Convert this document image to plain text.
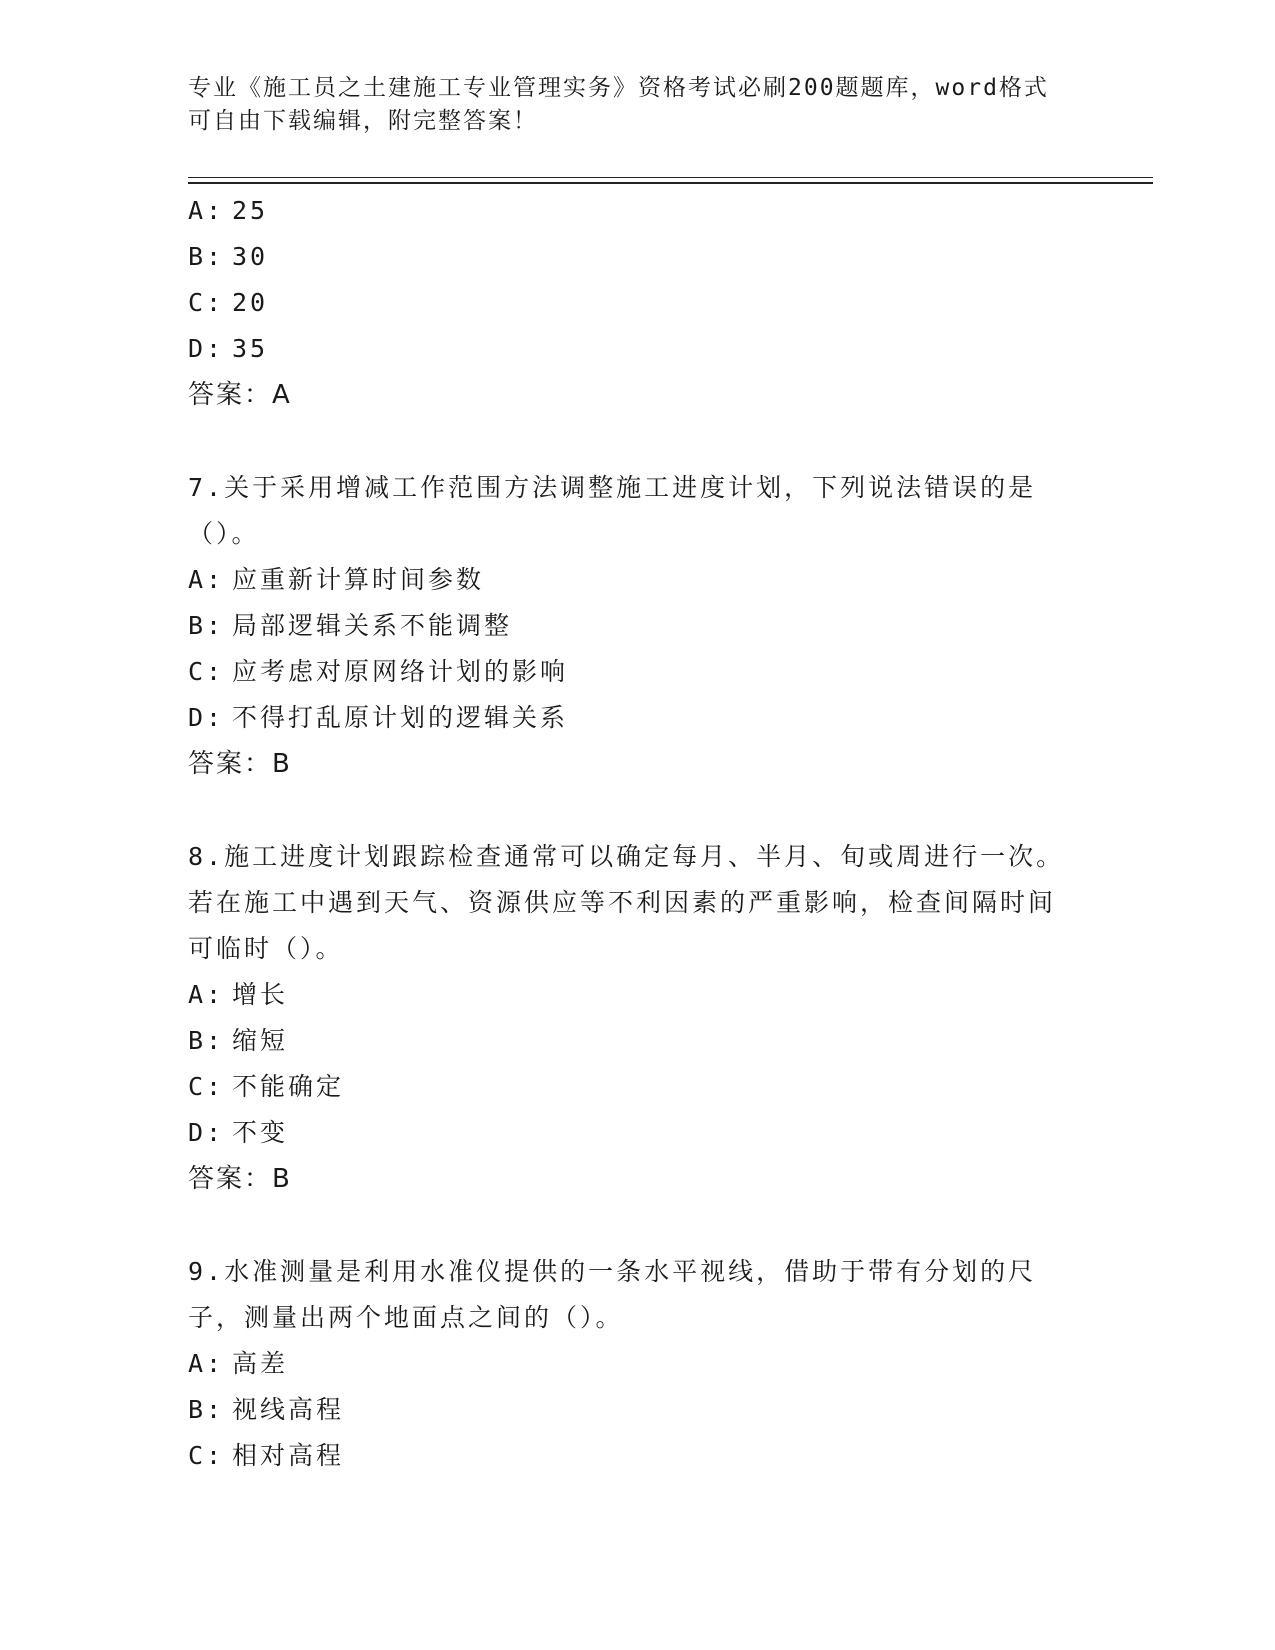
专业《施工员之土建施工专业管理实务》资格考试必刷200题题库，word格式可自由下载编辑，附完整答案！
A: 25
B: 30
C: 20
D: 35
答案：A
7.关于采用增减工作范围方法调整施工进度计划，下列说法错误的是（）。
A: 应重新计算时间参数
B: 局部逻辑关系不能调整
C: 应考虑对原网络计划的影响
D: 不得打乱原计划的逻辑关系
答案：B
8.施工进度计划跟踪检查通常可以确定每月、半月、旬或周进行一次。若在施工中遇到天气、资源供应等不利因素的严重影响，检查间隔时间可临时（）。
A: 增长
B: 缩短
C: 不能确定
D: 不变
答案：B
9.水准测量是利用水准仪提供的一条水平视线，借助于带有分划的尺子，测量出两个地面点之间的（）。
A: 高差
B: 视线高程
C: 相对高程
